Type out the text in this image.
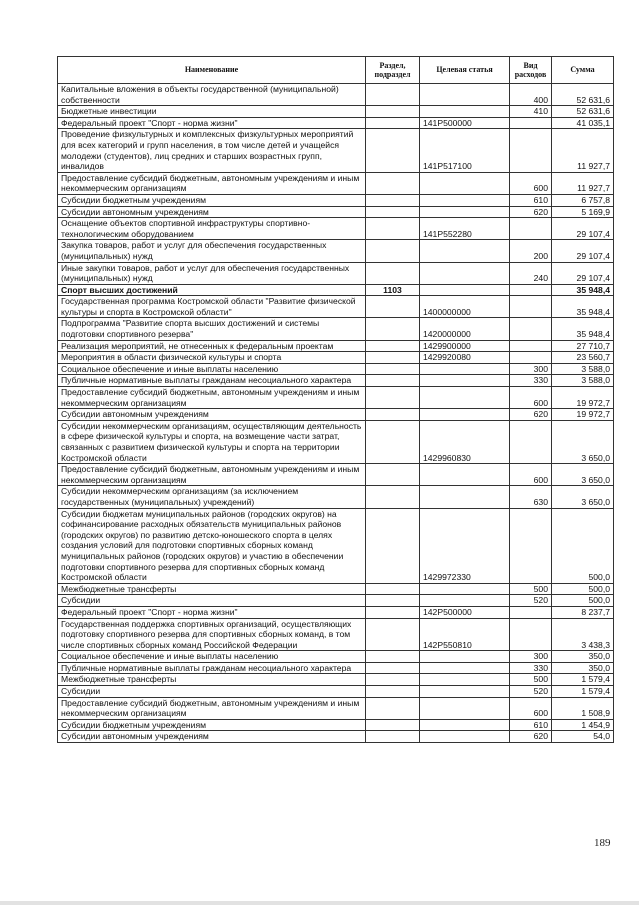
Наименование	Раздел, подраздел	Целевая статья	Вид расходов	Сумма
Капитальные вложения в объекты государственной (муниципальной) собственности			400	52 631,6
Бюджетные инвестиции			410	52 631,6
Федеральный проект "Спорт - норма жизни"		141P500000		41 035,1
Проведение физкультурных и комплексных физкультурных мероприятий для всех категорий и групп населения, в том числе детей и учащейся молодежи (студентов), лиц средних и старших возрастных групп, инвалидов		141P517100		11 927,7
Предоставление субсидий бюджетным, автономным учреждениям и иным некоммерческим организациям			600	11 927,7
Субсидии бюджетным учреждениям			610	6 757,8
Субсидии автономным учреждениям			620	5 169,9
Оснащение объектов спортивной инфраструктуры спортивно-технологическим оборудованием		141P552280		29 107,4
Закупка товаров, работ и услуг для обеспечения государственных (муниципальных) нужд			200	29 107,4
Иные закупки товаров, работ и услуг для обеспечения государственных (муниципальных) нужд			240	29 107,4
Спорт высших достижений	1103			35 948,4
Государственная программа Костромской области "Развитие физической культуры и спорта в Костромской области"		1400000000		35 948,4
Подпрограмма "Развитие спорта высших достижений и системы подготовки спортивного резерва"		1420000000		35 948,4
Реализация мероприятий, не отнесенных к федеральным проектам		1429900000		27 710,7
Мероприятия в области физической культуры и спорта		1429920080		23 560,7
Социальное обеспечение и иные выплаты населению			300	3 588,0
Публичные нормативные выплаты гражданам несоциального характера			330	3 588,0
Предоставление субсидий бюджетным, автономным учреждениям и иным некоммерческим организациям			600	19 972,7
Субсидии автономным учреждениям			620	19 972,7
Субсидии некоммерческим организациям, осуществляющим деятельность в сфере физической культуры и спорта, на возмещение части затрат, связанных с развитием физической культуры и спорта на территории Костромской области		1429960830		3 650,0
Предоставление субсидий бюджетным, автономным учреждениям и иным некоммерческим организациям			600	3 650,0
Субсидии некоммерческим организациям (за исключением государственных (муниципальных) учреждений)			630	3 650,0
Субсидии бюджетам муниципальных районов (городских округов) на софинансирование расходных обязательств муниципальных районов (городских округов) по развитию детско-юношеского спорта в целях создания условий для подготовки спортивных сборных команд муниципальных районов (городских округов) и участию в обеспечении подготовки спортивного резерва для спортивных сборных команд Костромской области		1429972330		500,0
Межбюджетные трансферты			500	500,0
Субсидии			520	500,0
Федеральный проект "Спорт - норма жизни"		142P500000		8 237,7
Государственная поддержка спортивных организаций, осуществляющих подготовку спортивного резерва для спортивных сборных команд, в том числе спортивных сборных команд Российской Федерации		142P550810		3 438,3
Социальное обеспечение и иные выплаты населению			300	350,0
Публичные нормативные выплаты гражданам несоциального характера			330	350,0
Межбюджетные трансферты			500	1 579,4
Субсидии			520	1 579,4
Предоставление субсидий бюджетным, автономным учреждениям и иным некоммерческим организациям			600	1 508,9
Субсидии бюджетным учреждениям			610	1 454,9
Субсидии автономным учреждениям			620	54,0
189
